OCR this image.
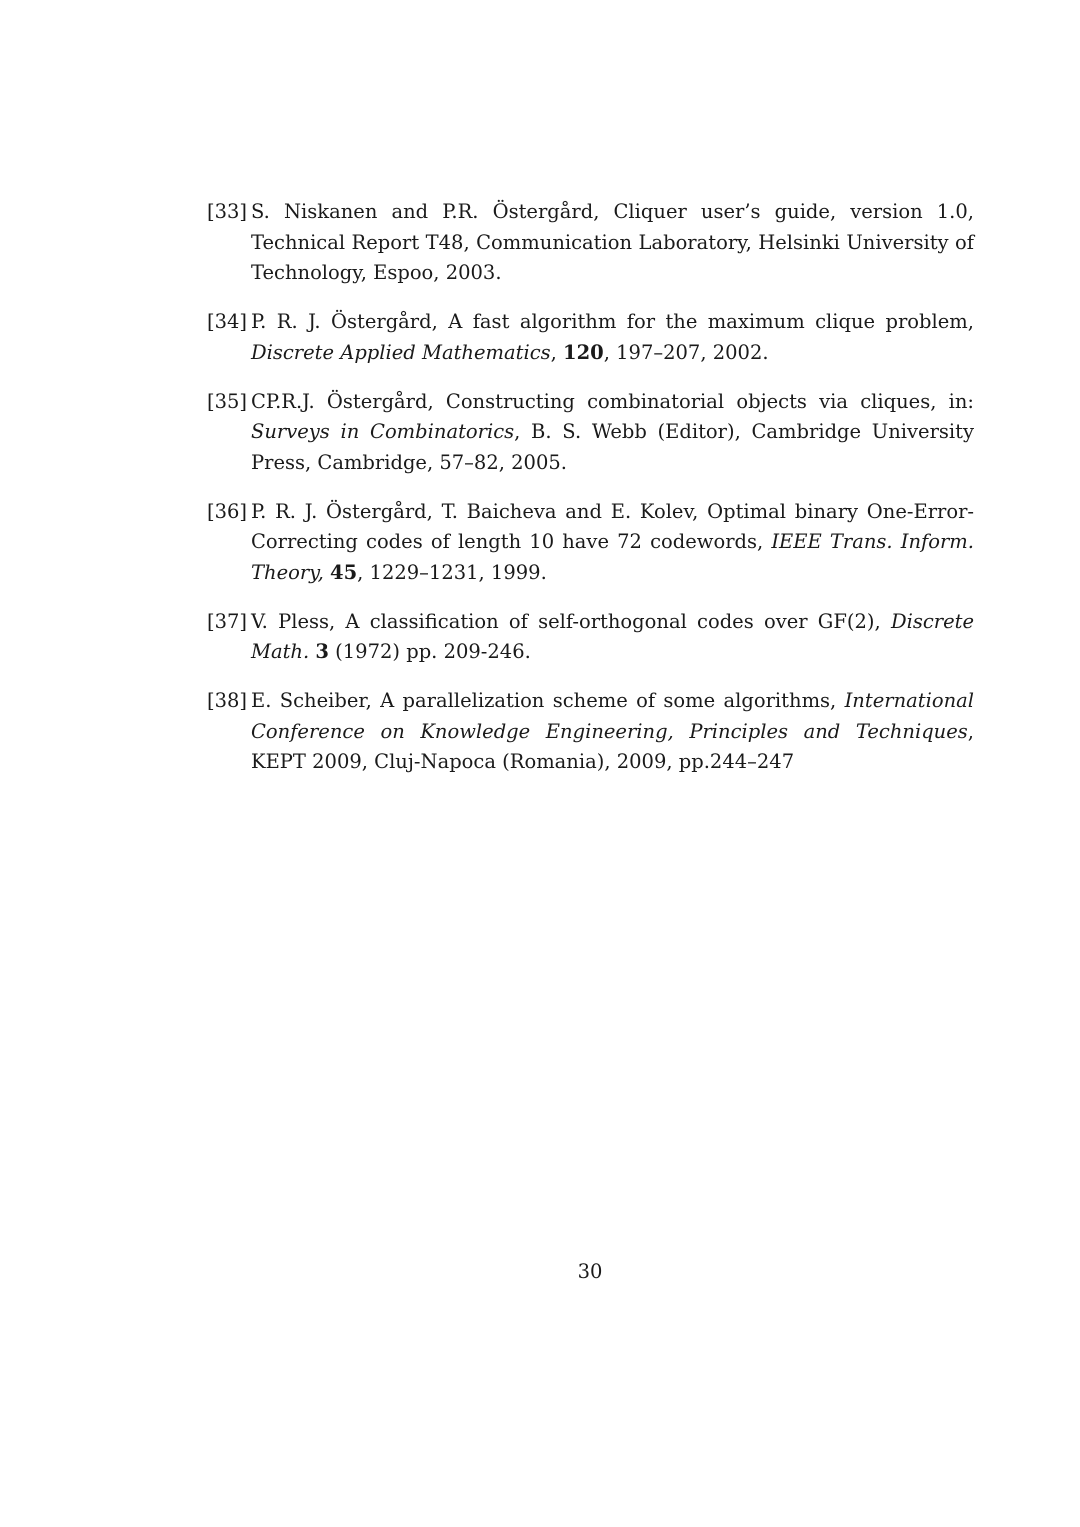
[33] S. Niskanen and P.R. Östergård, Cliquer user’s guide, version 1.0, Technical Report T48, Communication Laboratory, Helsinki University of Technology, Espoo, 2003.
[34] P. R. J. Östergård, A fast algorithm for the maximum clique problem, Discrete Applied Mathematics, 120, 197–207, 2002.
[35] CP.R.J. Östergård, Constructing combinatorial objects via cliques, in: Surveys in Combinatorics, B. S. Webb (Editor), Cambridge University Press, Cambridge, 57–82, 2005.
[36] P. R. J. Östergård, T. Baicheva and E. Kolev, Optimal binary One-Error-Correcting codes of length 10 have 72 codewords, IEEE Trans. Inform. Theory, 45, 1229–1231, 1999.
[37] V. Pless, A classification of self-orthogonal codes over GF(2), Discrete Math. 3 (1972) pp. 209-246.
[38] E. Scheiber, A parallelization scheme of some algorithms, International Conference on Knowledge Engineering, Principles and Techniques, KEPT 2009, Cluj-Napoca (Romania), 2009, pp.244–247
30
